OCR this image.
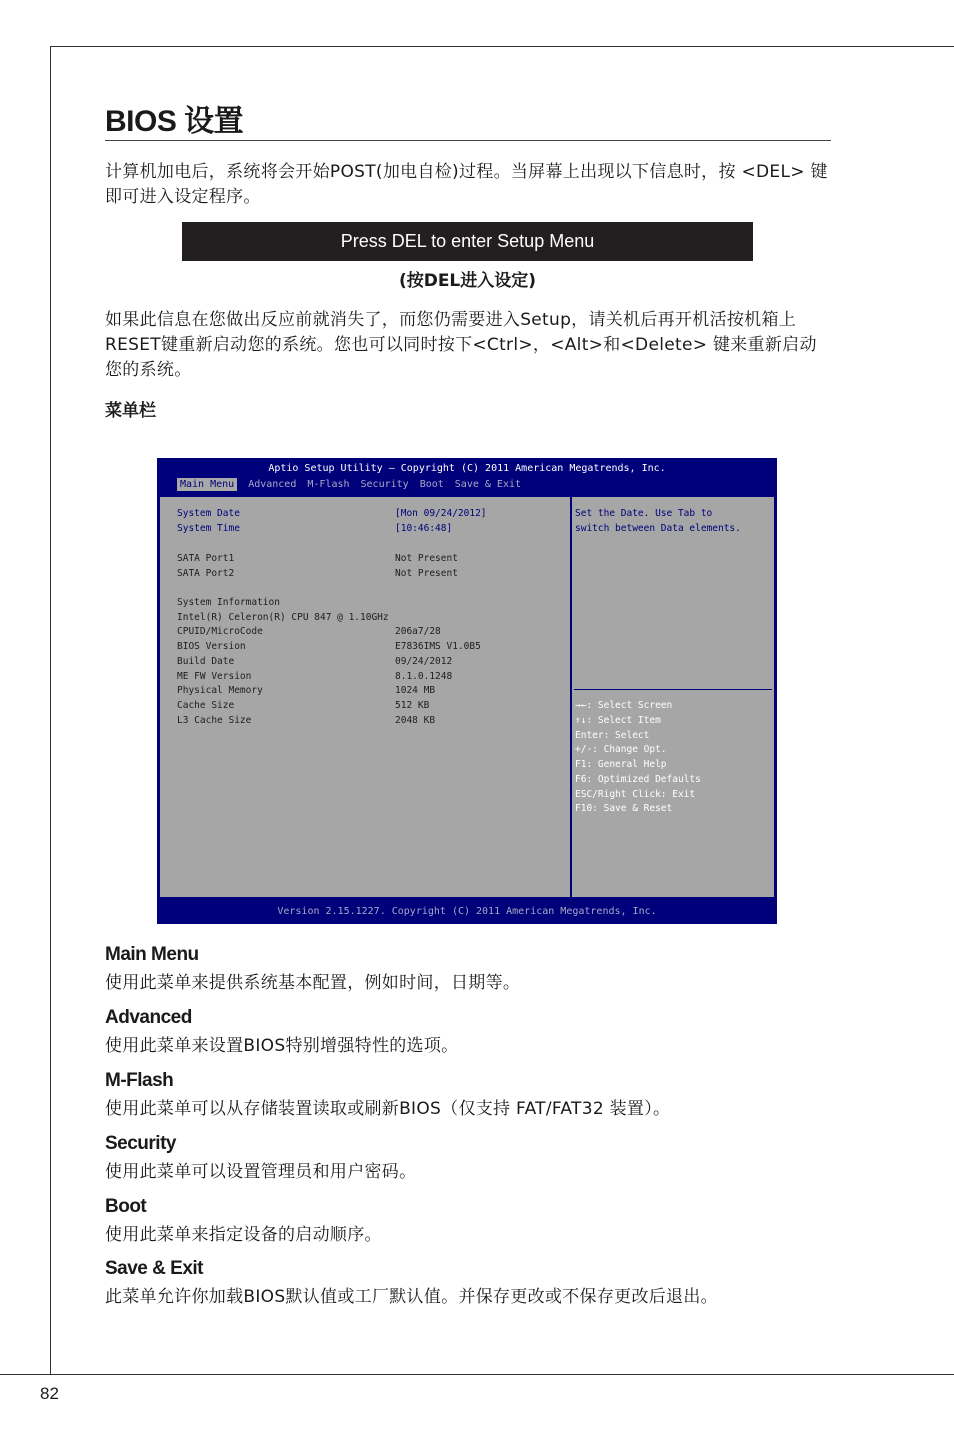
BIOS 设置

计算机加电后，系统将会开始POST(加电自检)过程。当屏幕上出现以下信息时，按 <DEL> 键即可进入设定程序。

Press DEL to enter Setup Menu
(按DEL进入设定)

如果此信息在您做出反应前就消失了，而您仍需要进入Setup，请关机后再开机活按机箱上RESET键重新启动您的系统。您也可以同时按下<Ctrl>，<Alt>和<Delete> 键来重新启动您的系统。

菜单栏
Aptio Setup Utility – Copyright (C) 2011 American Megatrends, Inc.
Main Menu	Advanced M-Flash Security Boot Save & Exit
System Date	[Mon 09/24/2012]
System Time	[10:46:48]
SATA Port1	Not Present
SATA Port2	Not Present
System Information
Intel(R) Celeron(R) CPU 847 @ 1.10GHz
CPUID/MicroCode	206a7/28
BIOS Version	E7836IMS V1.0B5
Build Date	09/24/2012
ME FW Version	8.1.0.1248
Physical Memory	1024 MB
Cache Size	512 KB
L3 Cache Size	2048 KB
Set the Date. Use Tab to
switch between Data elements.
→←: Select Screen
↑↓: Select Item
Enter: Select
+/-: Change Opt.
F1: General Help
F6: Optimized Defaults
ESC/Right Click: Exit
F10: Save & Reset
Version 2.15.1227. Copyright (C) 2011 American Megatrends, Inc.
Main Menu
使用此菜单来提供系统基本配置，例如时间，日期等。
Advanced
使用此菜单来设置BIOS特别增强特性的选项。
M-Flash
使用此菜单可以从存储装置读取或刷新BIOS（仅支持 FAT/FAT32 装置）。
Security
使用此菜单可以设置管理员和用户密码。
Boot
使用此菜单来指定设备的启动顺序。
Save & Exit
此菜单允许你加载BIOS默认值或工厂默认值。并保存更改或不保存更改后退出。
82
